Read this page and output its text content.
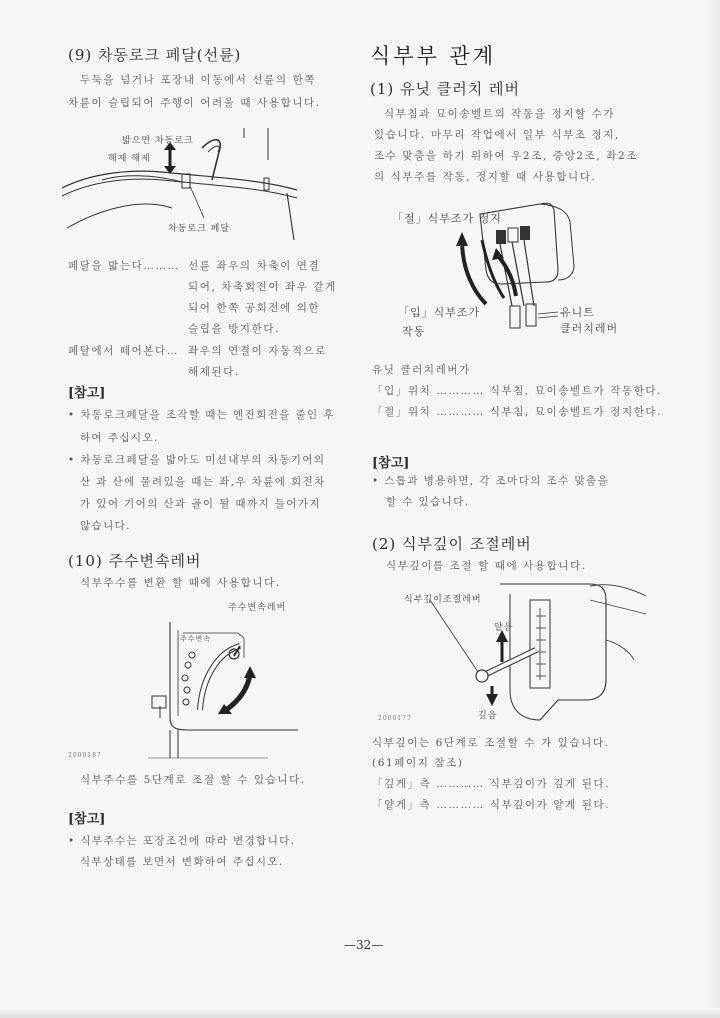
(9) 차동로크 페달(선륜)
두둑을 넘거나 포장내 이동에서 선륜의 한쪽
차륜이 슬립되어 주행이 어려울 때 사용합니다.
밟으면 차동로크
해제 해제
차동로크 페달
페달을 밟는다……… 선륜 좌우의 차축이 연결
되어, 차축회전이 좌우 같게
되어 한쪽 공회전에 의한
슬립을 방지한다.
페달에서 떼어본다… 좌우의 연결이 자동적으로
해제된다.
[참고]
• 차동로크페달을 조작할 때는 엔진회전을 줄인 후
하여 주십시오.
• 차동로크페달을 밟아도 미션내부의 차동기어의
산 과 산에 물려있을 때는 좌,우 차륜에 회전차
가 있어 기어의 산과 골이 될 때까지 들어가지
않습니다.
(10) 주수변속레버
식부주수를 변환 할 때에 사용합니다.
주수변속레버
주수변속
2000187
식부주수를 5단계로 조절 할 수 있습니다.
[참고]
• 식부주수는 포장조건에 따라 변경합니다.
식부상태를 보면서 변화하여 주십시오.
식부부 관계
(1) 유닛 클러치 레버
식부침과 묘이송벨트의 작동을 정지할 수가
있습니다. 마무리 작업에서 일부 식부조 정지,
조수 맞춤을 하기 위하여 우2조, 중앙2조, 좌2조
의 식부주를 작동, 정지할 때 사용합니다.
「절」식부조가 정지
「입」식부조가
작동
유니트
클러치레버
유닛 클러치레버가
「입」위치 ………… 식부침, 묘이송벨트가 작동한다.
「절」위치 ………… 식부침, 묘이송벨트가 정지한다.
[참고]
• 스톱과 병용하면, 각 조마다의 조수 맞춤을
할 수 있습니다.
(2) 식부깊이 조절레버
식부깊이를 조절 할 때에 사용합니다.
식부깊이조절레버
얕음
깊음
2000177
식부깊이는 6단계로 조절할 수 가 있습니다.
(61페이지 참조)
「깊게」측 ………… 식부깊이가 깊게 된다.
「얕게」측 ………… 식부깊이가 얕게 된다.
—32—
